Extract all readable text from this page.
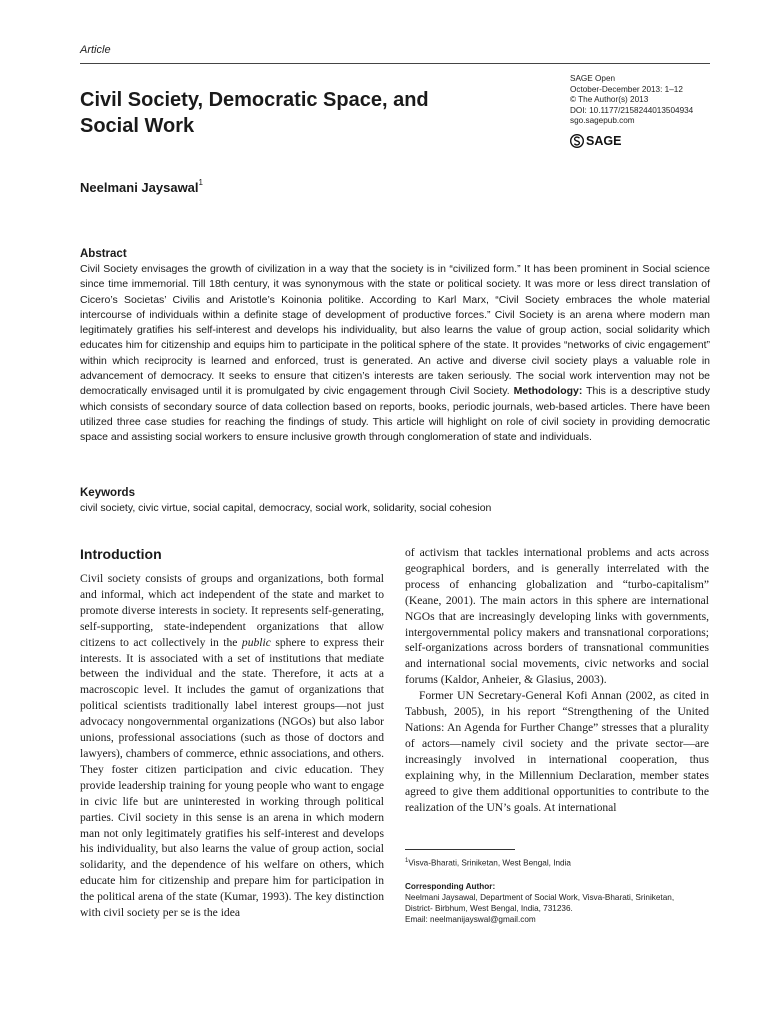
Article
Civil Society, Democratic Space, and
Social Work
SAGE Open
October-December 2013: 1–12
© The Author(s) 2013
DOI: 10.1177/2158244013504934
sgo.sagepub.com
SAGE
Neelmani Jaysawal$^1$
Abstract

Civil Society envisages the growth of civilization in a way that the society is in “civilized form.” It has been prominent in Social science since time immemorial. Till 18th century, it was synonymous with the state or political society. It was more or less direct translation of Cicero’s Societas’ Civilis and Aristotle’s Koinonia politike. According to Karl Marx, “Civil Society embraces the whole material intercourse of individuals within a definite stage of development of productive forces.” Civil Society is an arena where modern man legitimately gratifies his self-interest and develops his individuality, but also learns the value of group action, social solidarity which educates him for citizenship and equips him to participate in the political sphere of the state. It provides “networks of civic engagement” within which reciprocity is learned and enforced, trust is generated. An active and diverse civil society plays a valuable role in advancement of democracy. It seeks to ensure that citizen’s interests are taken seriously. The social work intervention may not be democratically envisaged until it is promulgated by civic engagement through Civil Society. Methodology: This is a descriptive study which consists of secondary source of data collection based on reports, books, periodic journals, web-based articles. There have been utilized three case studies for reaching the findings of study. This article will highlight on role of civil society in providing democratic space and assisting social workers to ensure inclusive growth through conglomeration of state and individuals.

Keywords
civil society, civic virtue, social capital, democracy, social work, solidarity, social cohesion
Introduction

Civil society consists of groups and organizations, both formal and informal, which act independent of the state and market to promote diverse interests in society. It represents self-generating, self-supporting, state-independent organizations that allow citizens to act collectively in the public sphere to express their interests. It is associated with a set of institutions that mediate between the individual and the state. Therefore, it acts at a macroscopic level. It includes the gamut of organizations that political scientists traditionally label interest groups—not just advocacy nongovernmental organizations (NGOs) but also labor unions, professional associations (such as those of doctors and lawyers), chambers of commerce, ethnic associations, and others. They foster citizen participation and civic education. They provide leadership training for young people who want to engage in civic life but are uninterested in working through political parties. Civil society in this sense is an arena in which modern man not only legitimately gratifies his self-interest and develops his individuality, but also learns the value of group action, social solidarity, and the dependence of his welfare on others, which educate him for citizenship and prepare him for participation in the political arena of the state (Kumar, 1993). The key distinction with civil society per se is the idea

of activism that tackles international problems and acts across geographical borders, and is generally interrelated with the process of enhancing globalization and “turbo-capitalism” (Keane, 2001). The main actors in this sphere are international NGOs that are increasingly developing links with governments, intergovernmental policy makers and transnational corporations; self-organizations across borders of transnational communities and international social movements, civic networks and social forums (Kaldor, Anheier, & Glasius, 2003).

Former UN Secretary-General Kofi Annan (2002, as cited in Tabbush, 2005), in his report “Strengthening of the United Nations: An Agenda for Further Change” stresses that a plurality of actors—namely civil society and the private sector—are increasingly involved in international cooperation, thus explaining why, in the Millennium Declaration, member states agreed to give them additional opportunities to contribute to the realization of the UN’s goals. At international

$^1$Visva-Bharati, Sriniketan, West Bengal, India
Corresponding Author:
Neelmani Jaysawal, Department of Social Work, Visva-Bharati, Sriniketan,
District- Birbhum, West Bengal, India, 731236.
Email: neelmanijayswal@gmail.com
